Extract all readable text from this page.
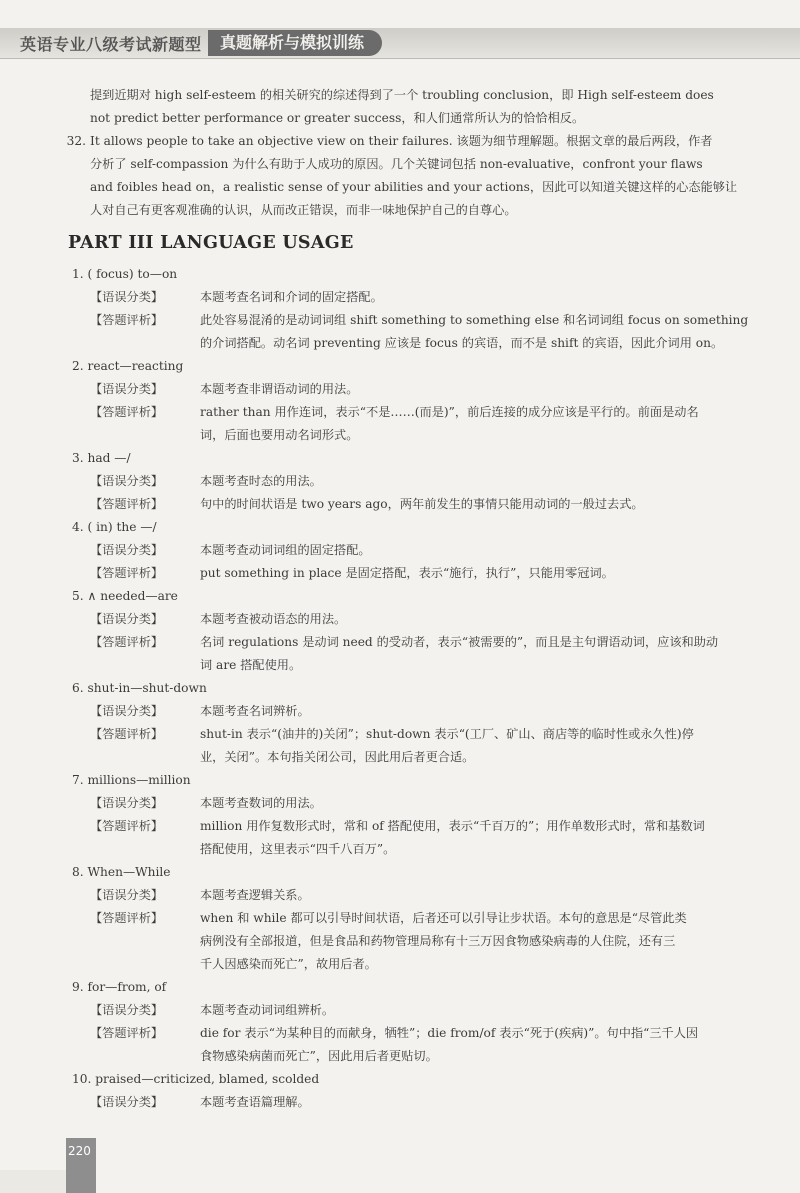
英语专业八级考试新题型	真题解析与模拟训练
提到近期对 high self-esteem 的相关研究的综述得到了一个 troubling conclusion，即 High self-esteem does
not predict better performance or greater success，和人们通常所认为的恰恰相反。
32. It allows people to take an objective view on their failures. 该题为细节理解题。根据文章的最后两段，作者
分析了 self-compassion 为什么有助于人成功的原因。几个关键词包括 non-evaluative，confront your flaws
and foibles head on，a realistic sense of your abilities and your actions，因此可以知道关键这样的心态能够让
人对自己有更客观准确的认识，从而改正错误，而非一味地保护自己的自尊心。
PART III LANGUAGE USAGE
1. ( focus) to—on
【语误分类】	本题考查名词和介词的固定搭配。
【答题评析】	此处容易混淆的是动词词组 shift something to something else 和名词词组 focus on something
的介词搭配。动名词 preventing 应该是 focus 的宾语，而不是 shift 的宾语，因此介词用 on。
2. react—reacting
【语误分类】	本题考查非谓语动词的用法。
【答题评析】	rather than 用作连词，表示“不是……(而是)”，前后连接的成分应该是平行的。前面是动名
词，后面也要用动名词形式。
3. had —/
【语误分类】	本题考查时态的用法。
【答题评析】	句中的时间状语是 two years ago，两年前发生的事情只能用动词的一般过去式。
4. ( in) the —/
【语误分类】	本题考查动词词组的固定搭配。
【答题评析】	put something in place 是固定搭配，表示“施行，执行”，只能用零冠词。
5. ∧ needed—are
【语误分类】	本题考查被动语态的用法。
【答题评析】	名词 regulations 是动词 need 的受动者，表示“被需要的”，而且是主句谓语动词，应该和助动
词 are 搭配使用。
6. shut-in—shut-down
【语误分类】	本题考查名词辨析。
【答题评析】	shut-in 表示“(油井的)关闭”；shut-down 表示“(工厂、矿山、商店等的临时性或永久性)停
业，关闭”。本句指关闭公司，因此用后者更合适。
7. millions—million
【语误分类】	本题考查数词的用法。
【答题评析】	million 用作复数形式时，常和 of 搭配使用，表示“千百万的”；用作单数形式时，常和基数词
搭配使用，这里表示“四千八百万”。
8. When—While
【语误分类】	本题考查逻辑关系。
【答题评析】	when 和 while 都可以引导时间状语，后者还可以引导让步状语。本句的意思是“尽管此类
病例没有全部报道，但是食品和药物管理局称有十三万因食物感染病毒的人住院，还有三
千人因感染而死亡”，故用后者。
9. for—from, of
【语误分类】	本题考查动词词组辨析。
【答题评析】	die for 表示“为某种目的而献身，牺牲”；die from/of 表示“死于(疾病)”。句中指“三千人因
食物感染病菌而死亡”，因此用后者更贴切。
10. praised—criticized, blamed, scolded
【语误分类】	本题考查语篇理解。
220
